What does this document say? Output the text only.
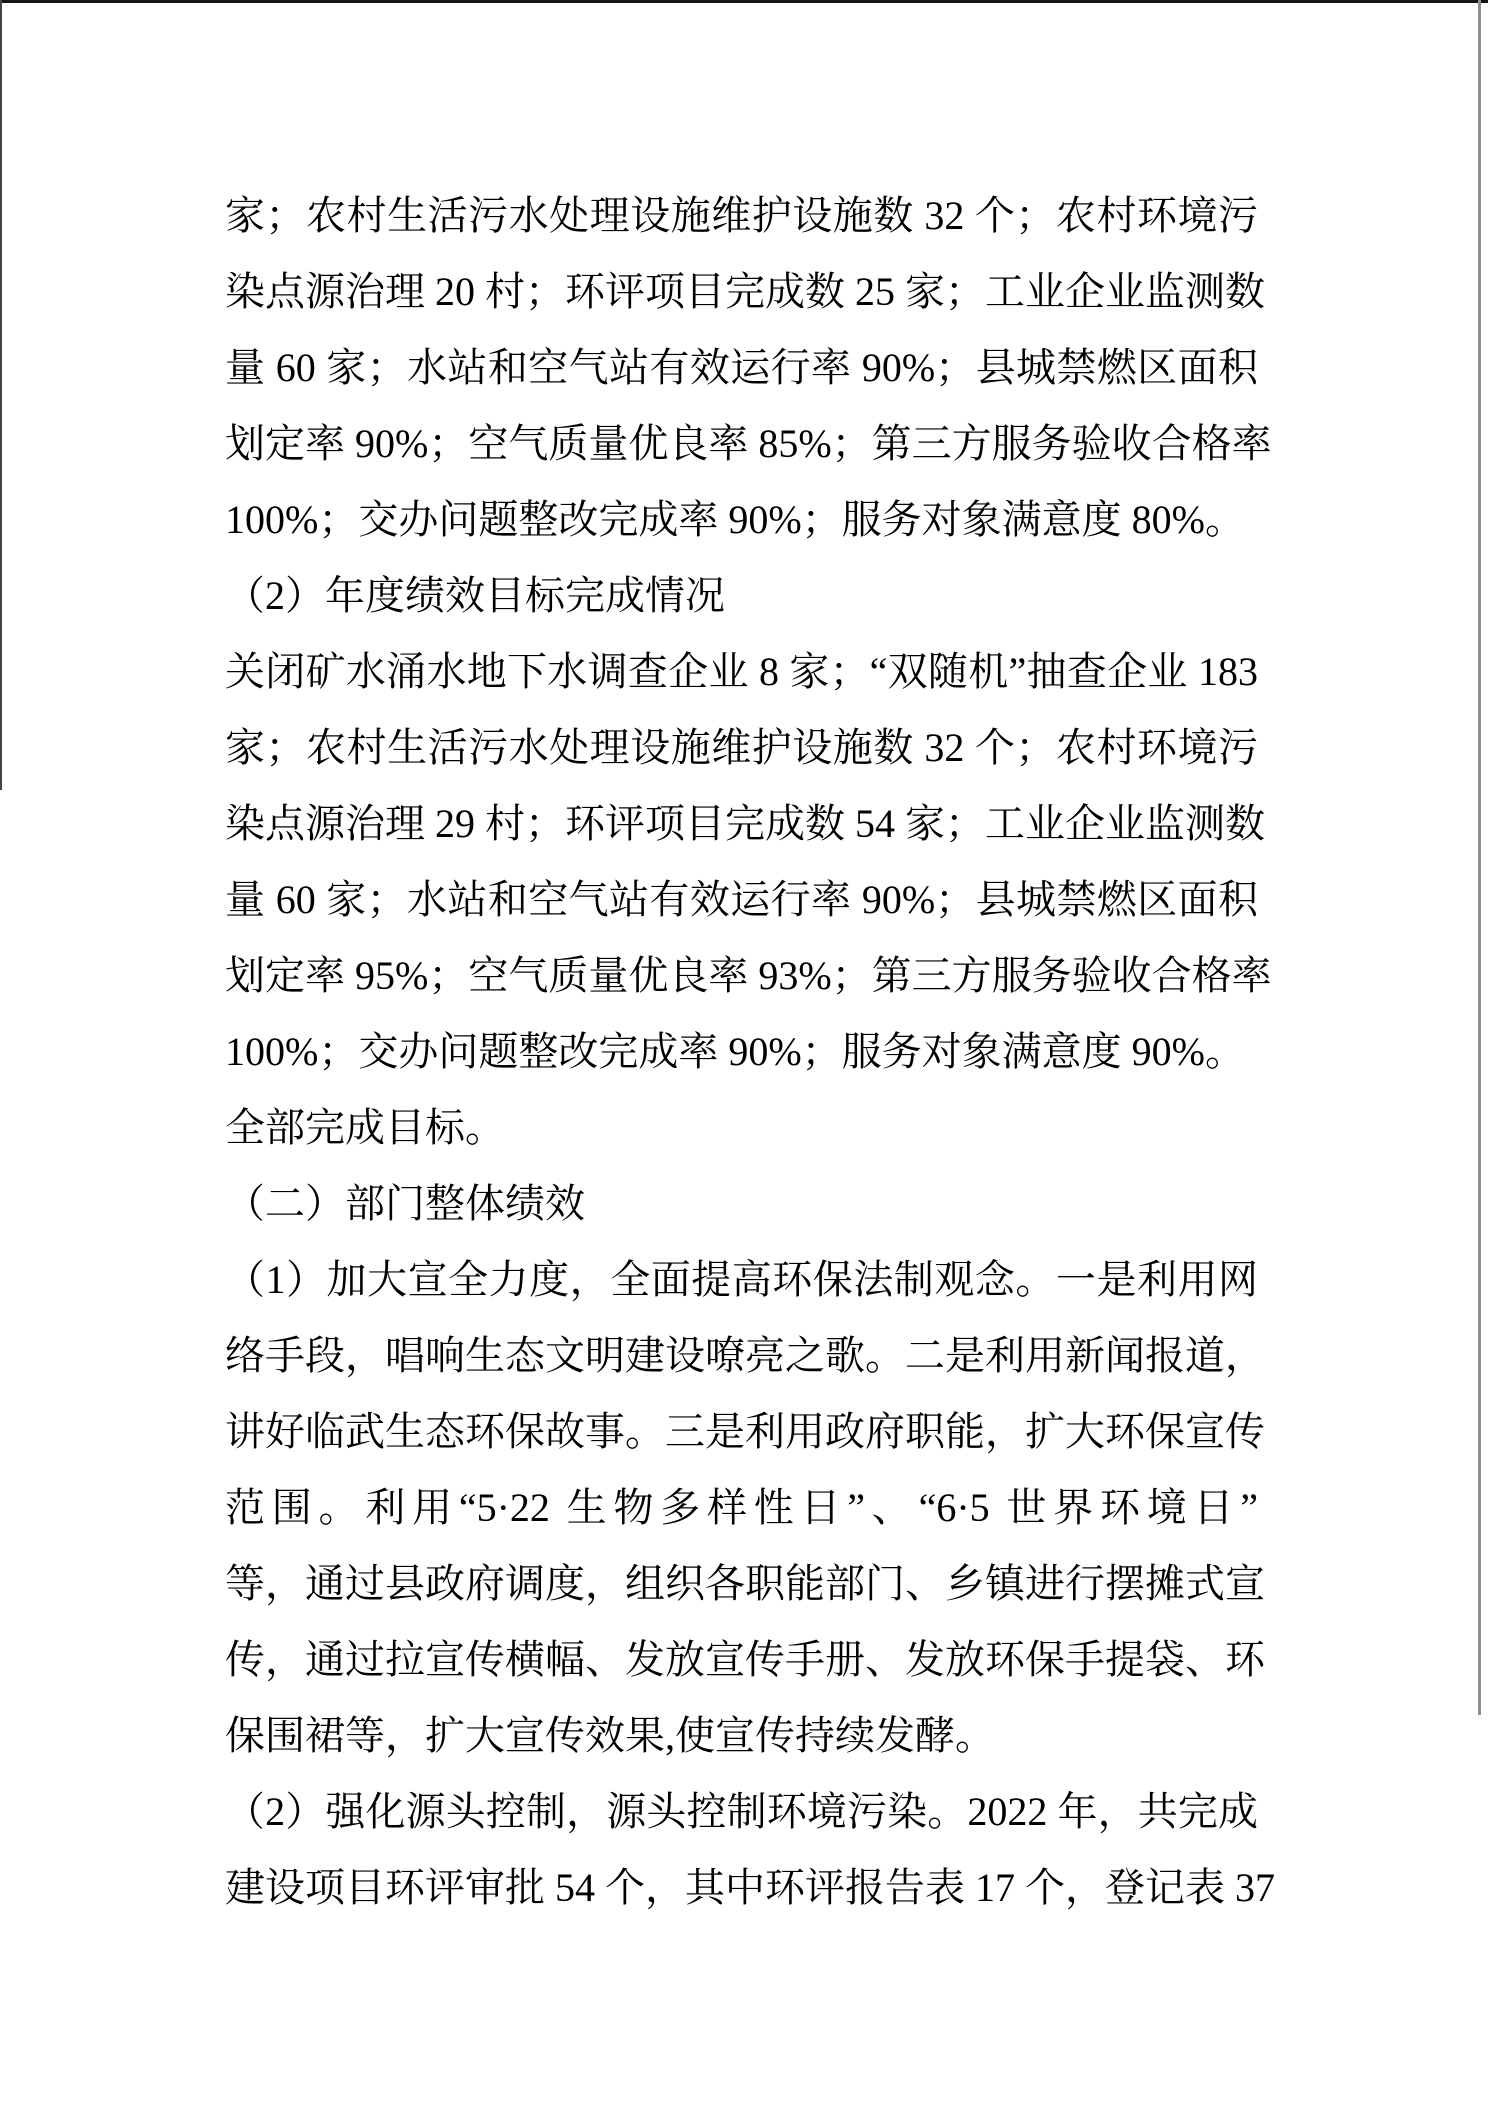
家；农村生活污水处理设施维护设施数 32 个；农村环境污
染点源治理 20 村；环评项目完成数 25 家；工业企业监测数
量 60 家；水站和空气站有效运行率 90%；县城禁燃区面积
划定率 90%；空气质量优良率 85%；第三方服务验收合格率
100%；交办问题整改完成率 90%；服务对象满意度 80%。
（2）年度绩效目标完成情况
关闭矿水涌水地下水调查企业 8 家；“双随机”抽查企业 183
家；农村生活污水处理设施维护设施数 32 个；农村环境污
染点源治理 29 村；环评项目完成数 54 家；工业企业监测数
量 60 家；水站和空气站有效运行率 90%；县城禁燃区面积
划定率 95%；空气质量优良率 93%；第三方服务验收合格率
100%；交办问题整改完成率 90%；服务对象满意度 90%。
全部完成目标。
（二）部门整体绩效
（1）加大宣全力度，全面提高环保法制观念。一是利用网
络手段，唱响生态文明建设嘹亮之歌。二是利用新闻报道，
讲好临武生态环保故事。三是利用政府职能，扩大环保宣传
范围。利用“5·22 生物多样性日”、“6·5 世界环境日”
等，通过县政府调度，组织各职能部门、乡镇进行摆摊式宣
传，通过拉宣传横幅、发放宣传手册、发放环保手提袋、环
保围裙等，扩大宣传效果,使宣传持续发酵。
（2）强化源头控制，源头控制环境污染。2022 年，共完成
建设项目环评审批 54 个，其中环评报告表 17 个，登记表 37
